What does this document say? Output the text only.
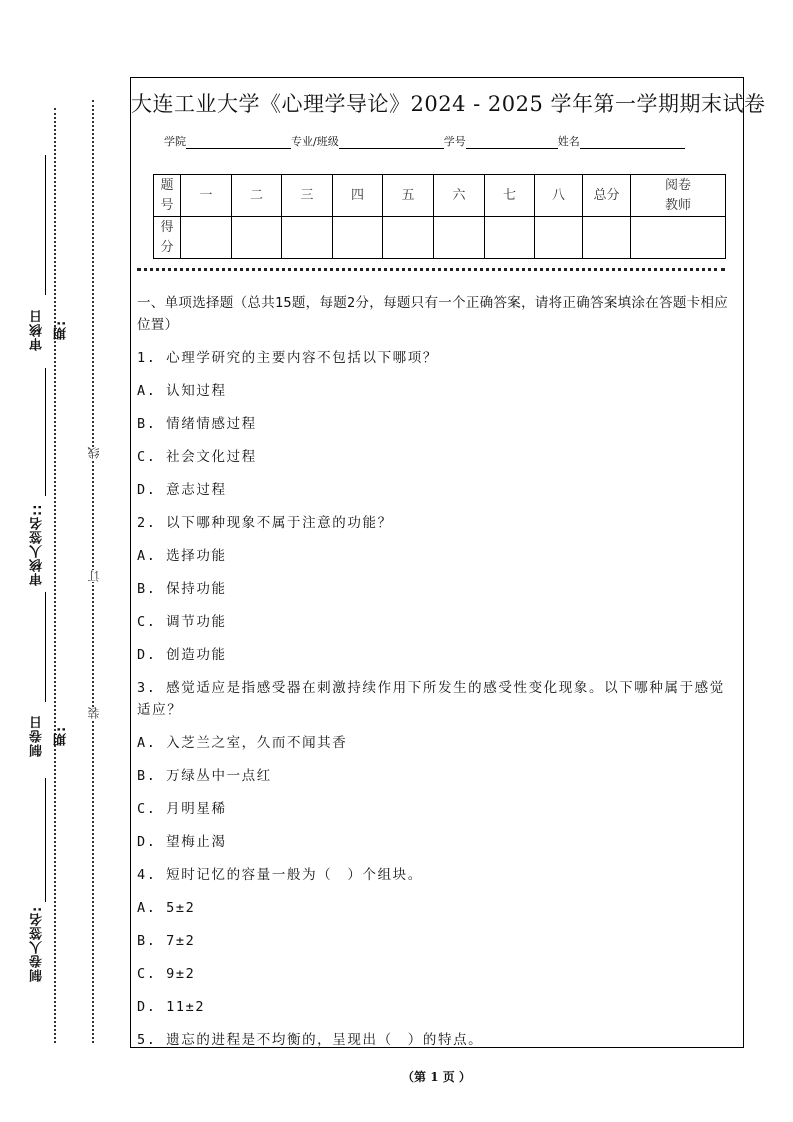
审核日期:
审核人签名::
制卷日期:
制卷人签名:
线
订
装
大连工业大学《心理学导论》2024 - 2025 学年第一学期期末试卷
学院	专业/班级	学号	姓名
题号	一	二	三	四	五	六	七	八	总分	阅卷教师
得分										

一、单项选择题（总共15题，每题2分，每题只有一个正确答案，请将正确答案填涂在答题卡相应位置）

1. 心理学研究的主要内容不包括以下哪项？

A. 认知过程

B. 情绪情感过程

C. 社会文化过程

D. 意志过程

2. 以下哪种现象不属于注意的功能？

A. 选择功能

B. 保持功能

C. 调节功能

D. 创造功能

3. 感觉适应是指感受器在刺激持续作用下所发生的感受性变化现象。以下哪种属于感觉适应？

A. 入芝兰之室，久而不闻其香

B. 万绿丛中一点红

C. 月明星稀

D. 望梅止渴

4. 短时记忆的容量一般为（　）个组块。

A. 5±2

B. 7±2

C. 9±2

D. 11±2

5. 遗忘的进程是不均衡的，呈现出（　）的特点。

（第 1 页 ）
